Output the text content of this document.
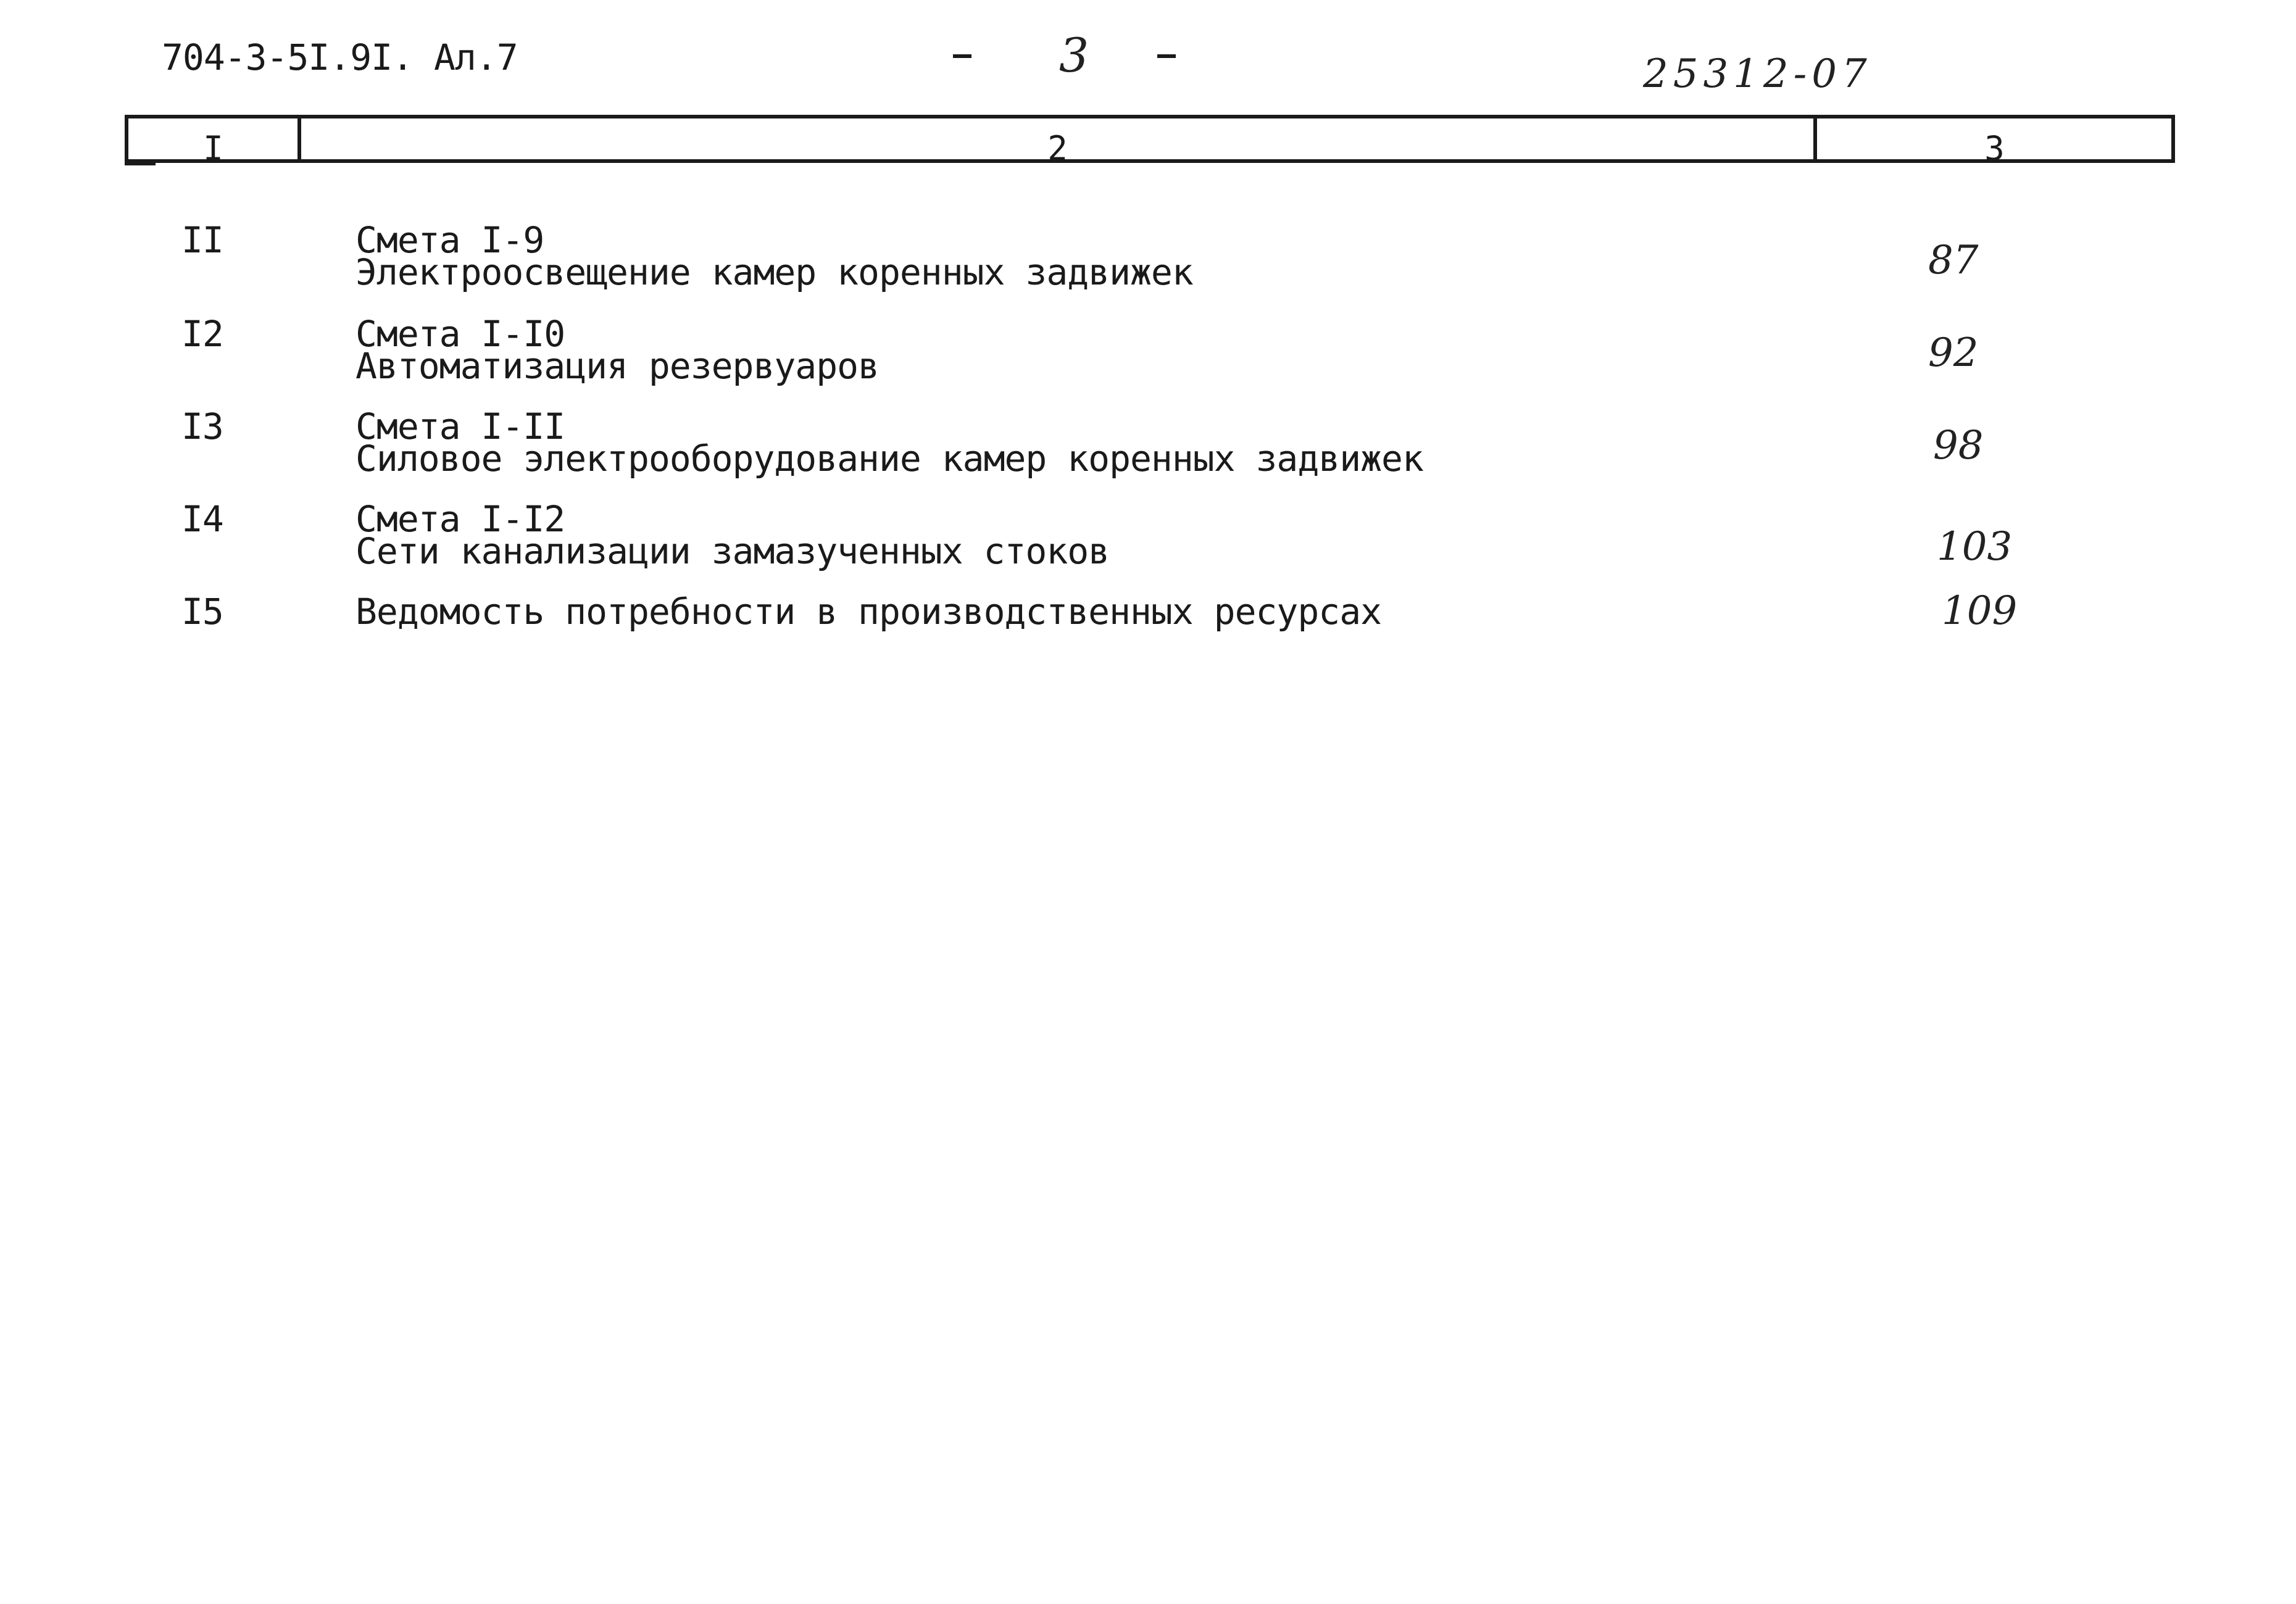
704-3-5I.9I. Ал.7	3	25312-07
I	2	3
II	Смета I-9
Электроосвещение камер коренных задвижек	87
I2	Смета I-I0
Автоматизация резервуаров	92
I3	Смета I-II
Силовое электрооборудование камер коренных задвижек	98
I4	Смета I-I2
Сети канализации замазученных стоков	103
I5	Ведомость потребности в производственных ресурсах	109
